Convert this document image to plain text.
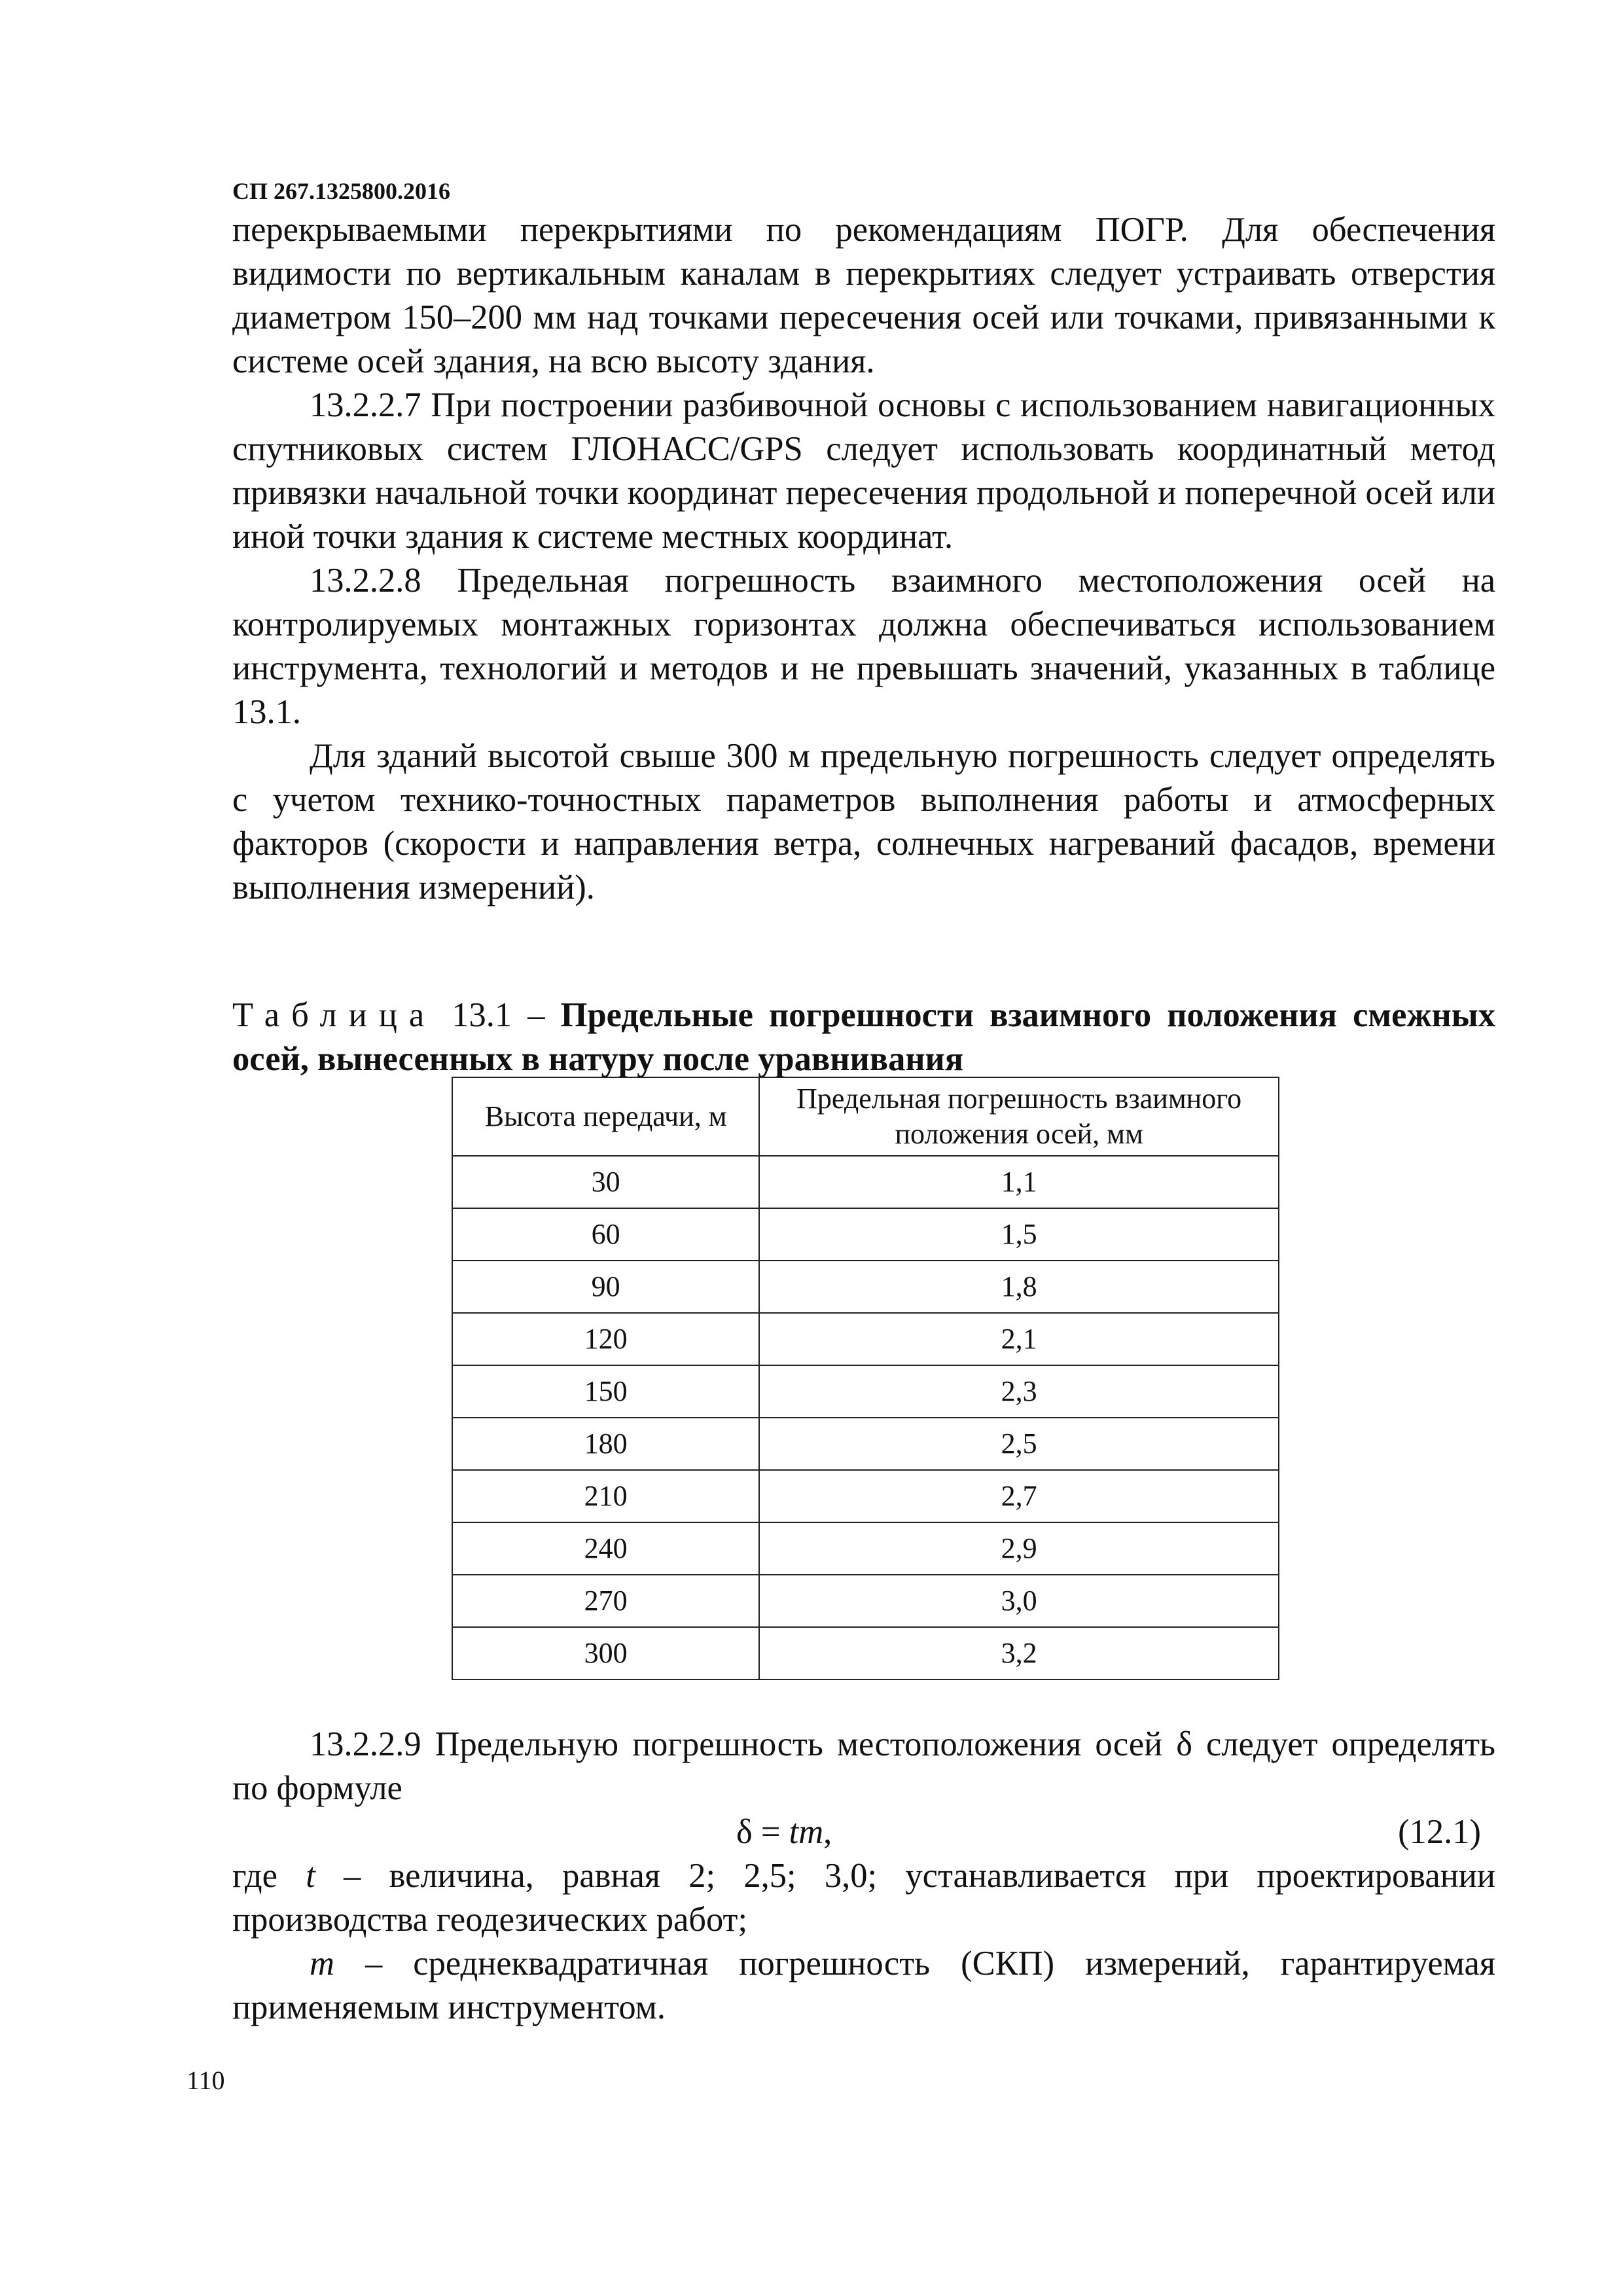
СП 267.1325800.2016

перекрываемыми перекрытиями по рекомендациям ПОГР. Для обеспечения видимости по вертикальным каналам в перекрытиях следует устраивать отверстия диаметром 150–200 мм над точками пересечения осей или точками, привязанными к системе осей здания, на всю высоту здания.

13.2.2.7 При построении разбивочной основы с использованием навигационных спутниковых систем ГЛОНАСС/GPS следует использовать координатный метод привязки начальной точки координат пересечения продольной и поперечной осей или иной точки здания к системе местных координат.

13.2.2.8 Предельная погрешность взаимного местоположения осей на контролируемых монтажных горизонтах должна обеспечиваться использованием инструмента, технологий и методов и не превышать значений, указанных в таблице 13.1.

Для зданий высотой свыше 300 м предельную погрешность следует определять с учетом технико-точностных параметров выполнения работы и атмосферных факторов (скорости и направления ветра, солнечных нагреваний фасадов, времени выполнения измерений).

Таблица 13.1 – Предельные погрешности взаимного положения смежных осей, вынесенных в натуру после уравнивания
Высота передачи, м	Предельная погрешность взаимного положения осей, мм
30	1,1
60	1,5
90	1,8
120	2,1
150	2,3
180	2,5
210	2,7
240	2,9
270	3,0
300	3,2

13.2.2.9 Предельную погрешность местоположения осей δ следует определять по формуле

δ = tm,	(12.1)

где t – величина, равная 2; 2,5; 3,0; устанавливается при проектировании производства геодезических работ;

m – среднеквадратичная погрешность (СКП) измерений, гарантируемая применяемым инструментом.

110
